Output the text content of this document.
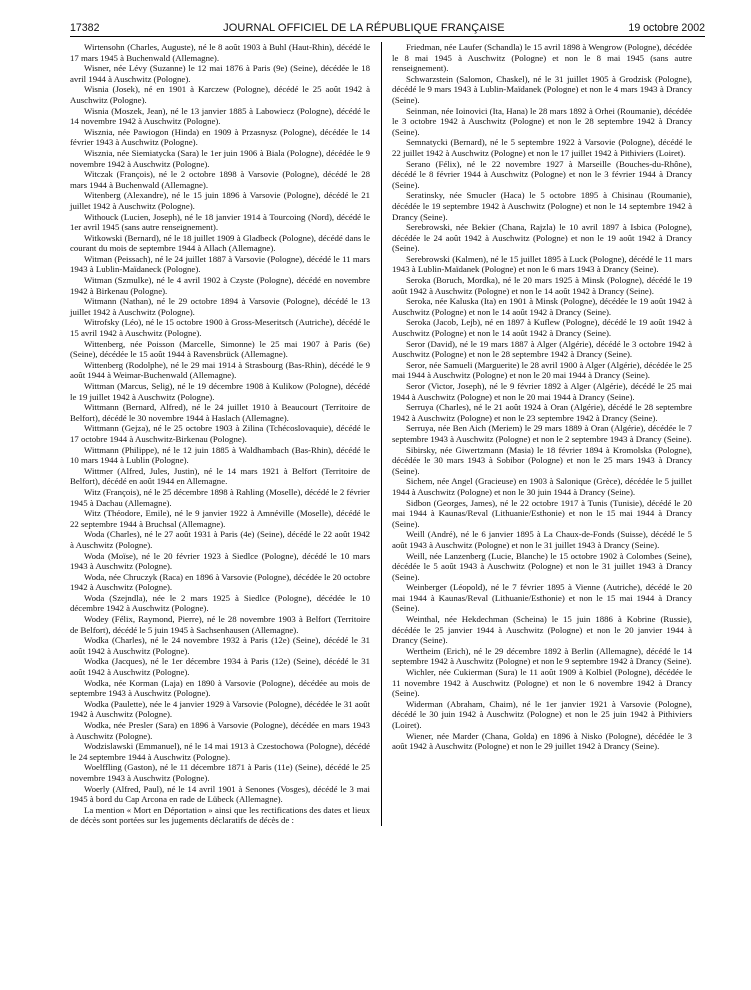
17382	JOURNAL OFFICIEL DE LA RÉPUBLIQUE FRANÇAISE	19 octobre 2002

Wirtensohn (Charles, Auguste), né le 8 août 1903 à Buhl (Haut-Rhin), décédé le 17 mars 1945 à Buchenwald (Allemagne).

Wisner, née Lévy (Suzanne) le 12 mai 1876 à Paris (9e) (Seine), décédée le 18 avril 1944 à Auschwitz (Pologne).

Wisnia (Josek), né en 1901 à Karczew (Pologne), décédé le 25 août 1942 à Auschwitz (Pologne).

Wisnia (Moszek, Jean), né le 13 janvier 1885 à Labowiecz (Pologne), décédé le 14 novembre 1942 à Auschwitz (Pologne).

Wisznia, née Pawiogon (Hinda) en 1909 à Przasnysz (Pologne), décédée le 14 février 1943 à Auschwitz (Pologne).

Wisznia, née Siemiatycka (Sara) le 1er juin 1906 à Biala (Pologne), décédée le 9 novembre 1942 à Auschwitz (Pologne).

Witczak (François), né le 2 octobre 1898 à Varsovie (Pologne), décédé le 28 mars 1944 à Buchenwald (Allemagne).

Witenberg (Alexandre), né le 15 juin 1896 à Varsovie (Pologne), décédé le 21 juillet 1942 à Auschwitz (Pologne).

Withouck (Lucien, Joseph), né le 18 janvier 1914 à Tourcoing (Nord), décédé le 1er avril 1945 (sans autre renseignement).

Witkowski (Bernard), né le 18 juillet 1909 à Gladbeck (Pologne), décédé dans le courant du mois de septembre 1944 à Allach (Allemagne).

Witman (Peissach), né le 24 juillet 1887 à Varsovie (Pologne), décédé le 11 mars 1943 à Lublin-Maïdaneck (Pologne).

Witman (Szmulke), né le 4 avril 1902 à Czyste (Pologne), décédé en novembre 1942 à Birkenau (Pologne).

Witmann (Nathan), né le 29 octobre 1894 à Varsovie (Pologne), décédé le 13 juillet 1942 à Auschwitz (Pologne).

Witrofsky (Léo), né le 15 octobre 1900 à Gross-Meseritsch (Autriche), décédé le 15 avril 1942 à Auschwitz (Pologne).

Wittenberg, née Poisson (Marcelle, Simonne) le 25 mai 1907 à Paris (6e) (Seine), décédée le 15 août 1944 à Ravensbrück (Allemagne).

Wittenberg (Rodolphe), né le 29 mai 1914 à Strasbourg (Bas-Rhin), décédé le 9 août 1944 à Weimar-Buchenwald (Allemagne).

Wittman (Marcus, Selig), né le 19 décembre 1908 à Kulikow (Pologne), décédé le 19 juillet 1942 à Auschwitz (Pologne).

Wittmann (Bernard, Alfred), né le 24 juillet 1910 à Beaucourt (Territoire de Belfort), décédé le 30 novembre 1944 à Haslach (Allemagne).

Wittmann (Gejza), né le 25 octobre 1903 à Zilina (Tchécoslovaquie), décédé le 17 octobre 1944 à Auschwitz-Birkenau (Pologne).

Wittmann (Philippe), né le 12 juin 1885 à Waldhambach (Bas-Rhin), décédé le 10 mars 1944 à Lublin (Pologne).

Wittmer (Alfred, Jules, Justin), né le 14 mars 1921 à Belfort (Territoire de Belfort), décédé en août 1944 en Allemagne.

Witz (François), né le 25 décembre 1898 à Rahling (Moselle), décédé le 2 février 1945 à Dachau (Allemagne).

Witz (Théodore, Emile), né le 9 janvier 1922 à Amnéville (Moselle), décédé le 22 septembre 1944 à Bruchsal (Allemagne).

Woda (Charles), né le 27 août 1931 à Paris (4e) (Seine), décédé le 22 août 1942 à Auschwitz (Pologne).

Woda (Moïse), né le 20 février 1923 à Siedlce (Pologne), décédé le 10 mars 1943 à Auschwitz (Pologne).

Woda, née Chruczyk (Raca) en 1896 à Varsovie (Pologne), décédée le 20 octobre 1942 à Auschwitz (Pologne).

Woda (Szejndla), née le 2 mars 1925 à Siedlce (Pologne), décédée le 10 décembre 1942 à Auschwitz (Pologne).

Wodey (Félix, Raymond, Pierre), né le 28 novembre 1903 à Belfort (Territoire de Belfort), décédé le 5 juin 1945 à Sachsenhausen (Allemagne).

Wodka (Charles), né le 24 novembre 1932 à Paris (12e) (Seine), décédé le 31 août 1942 à Auschwitz (Pologne).

Wodka (Jacques), né le 1er décembre 1934 à Paris (12e) (Seine), décédé le 31 août 1942 à Auschwitz (Pologne).

Wodka, née Korman (Laja) en 1890 à Varsovie (Pologne), décédée au mois de septembre 1943 à Auschwitz (Pologne).

Wodka (Paulette), née le 4 janvier 1929 à Varsovie (Pologne), décédée le 31 août 1942 à Auschwitz (Pologne).

Wodka, née Presler (Sara) en 1896 à Varsovie (Pologne), décédée en mars 1943 à Auschwitz (Pologne).

Wodzislawski (Emmanuel), né le 14 mai 1913 à Czestochowa (Pologne), décédé le 24 septembre 1944 à Auschwitz (Pologne).

Woelffling (Gaston), né le 11 décembre 1871 à Paris (11e) (Seine), décédé le 25 novembre 1943 à Auschwitz (Pologne).

Woerly (Alfred, Paul), né le 14 avril 1901 à Senones (Vosges), décédé le 3 mai 1945 à bord du Cap Arcona en rade de Lübeck (Allemagne).

La mention « Mort en Déportation » ainsi que les rectifications des dates et lieux de décès sont portées sur les jugements déclaratifs de décès de :

Friedman, née Laufer (Schandla) le 15 avril 1898 à Wengrow (Pologne), décédée le 8 mai 1945 à Auschwitz (Pologne) et non le 8 mai 1945 (sans autre renseignement).

Schwarzstein (Salomon, Chaskel), né le 31 juillet 1905 à Grodzisk (Pologne), décédé le 9 mars 1943 à Lublin-Maïdanek (Pologne) et non le 4 mars 1943 à Drancy (Seine).

Seinman, née Ioinovici (Ita, Hana) le 28 mars 1892 à Orhei (Roumanie), décédée le 3 octobre 1942 à Auschwitz (Pologne) et non le 28 septembre 1942 à Drancy (Seine).

Semnatycki (Bernard), né le 5 septembre 1922 à Varsovie (Pologne), décédé le 22 juillet 1942 à Auschwitz (Pologne) et non le 17 juillet 1942 à Pithiviers (Loiret).

Serano (Félix), né le 22 novembre 1927 à Marseille (Bouches-du-Rhône), décédé le 8 février 1944 à Auschwitz (Pologne) et non le 3 février 1944 à Drancy (Seine).

Seratinsky, née Smucler (Haca) le 5 octobre 1895 à Chisinau (Roumanie), décédée le 19 septembre 1942 à Auschwitz (Pologne) et non le 14 septembre 1942 à Drancy (Seine).

Serebrowski, née Bekier (Chana, Rajzla) le 10 avril 1897 à Isbica (Pologne), décédée le 24 août 1942 à Auschwitz (Pologne) et non le 19 août 1942 à Drancy (Seine).

Serebrowski (Kalmen), né le 15 juillet 1895 à Luck (Pologne), décédé le 11 mars 1943 à Lublin-Maïdanek (Pologne) et non le 6 mars 1943 à Drancy (Seine).

Seroka (Boruch, Mordka), né le 20 mars 1925 à Minsk (Pologne), décédé le 19 août 1942 à Auschwitz (Pologne) et non le 14 août 1942 à Drancy (Seine).

Seroka, née Kaluska (Ita) en 1901 à Minsk (Pologne), décédée le 19 août 1942 à Auschwitz (Pologne) et non le 14 août 1942 à Drancy (Seine).

Seroka (Jacob, Lejb), né en 1897 à Kuflew (Pologne), décédé le 19 août 1942 à Auschwitz (Pologne) et non le 14 août 1942 à Drancy (Seine).

Seror (David), né le 19 mars 1887 à Alger (Algérie), décédé le 3 octobre 1942 à Auschwitz (Pologne) et non le 28 septembre 1942 à Drancy (Seine).

Seror, née Samueli (Marguerite) le 28 avril 1900 à Alger (Algérie), décédée le 25 mai 1944 à Auschwitz (Pologne) et non le 20 mai 1944 à Drancy (Seine).

Seror (Victor, Joseph), né le 9 février 1892 à Alger (Algérie), décédé le 25 mai 1944 à Auschwitz (Pologne) et non le 20 mai 1944 à Drancy (Seine).

Serruya (Charles), né le 21 août 1924 à Oran (Algérie), décédé le 28 septembre 1942 à Auschwitz (Pologne) et non le 23 septembre 1942 à Drancy (Seine).

Serruya, née Ben Aich (Meriem) le 29 mars 1889 à Oran (Algérie), décédée le 7 septembre 1943 à Auschwitz (Pologne) et non le 2 septembre 1943 à Drancy (Seine).

Sibirsky, née Giwertzmann (Masia) le 18 février 1894 à Kromolska (Pologne), décédée le 30 mars 1943 à Sobibor (Pologne) et non le 25 mars 1943 à Drancy (Seine).

Sichem, née Angel (Gracieuse) en 1903 à Salonique (Grèce), décédée le 5 juillet 1944 à Auschwitz (Pologne) et non le 30 juin 1944 à Drancy (Seine).

Sidbon (Georges, James), né le 22 octobre 1917 à Tunis (Tunisie), décédé le 20 mai 1944 à Kaunas/Reval (Lithuanie/Esthonie) et non le 15 mai 1944 à Drancy (Seine).

Weill (André), né le 6 janvier 1895 à La Chaux-de-Fonds (Suisse), décédé le 5 août 1943 à Auschwitz (Pologne) et non le 31 juillet 1943 à Drancy (Seine).

Weill, née Lanzenberg (Lucie, Blanche) le 15 octobre 1902 à Colombes (Seine), décédée le 5 août 1943 à Auschwitz (Pologne) et non le 31 juillet 1943 à Drancy (Seine).

Weinberger (Léopold), né le 7 février 1895 à Vienne (Autriche), décédé le 20 mai 1944 à Kaunas/Reval (Lithuanie/Esthonie) et non le 15 mai 1944 à Drancy (Seine).

Weinthal, née Hekdechman (Scheina) le 15 juin 1886 à Kobrine (Russie), décédée le 25 janvier 1944 à Auschwitz (Pologne) et non le 20 janvier 1944 à Drancy (Seine).

Wertheim (Erich), né le 29 décembre 1892 à Berlin (Allemagne), décédé le 14 septembre 1942 à Auschwitz (Pologne) et non le 9 septembre 1942 à Drancy (Seine).

Wichler, née Cukierman (Sura) le 11 août 1909 à Kolbiel (Pologne), décédée le 11 novembre 1942 à Auschwitz (Pologne) et non le 6 novembre 1942 à Drancy (Seine).

Widerman (Abraham, Chaim), né le 1er janvier 1921 à Varsovie (Pologne), décédé le 30 juin 1942 à Auschwitz (Pologne) et non le 25 juin 1942 à Pithiviers (Loiret).

Wiener, née Marder (Chana, Golda) en 1896 à Nisko (Pologne), décédée le 3 août 1942 à Auschwitz (Pologne) et non le 29 juillet 1942 à Drancy (Seine).
